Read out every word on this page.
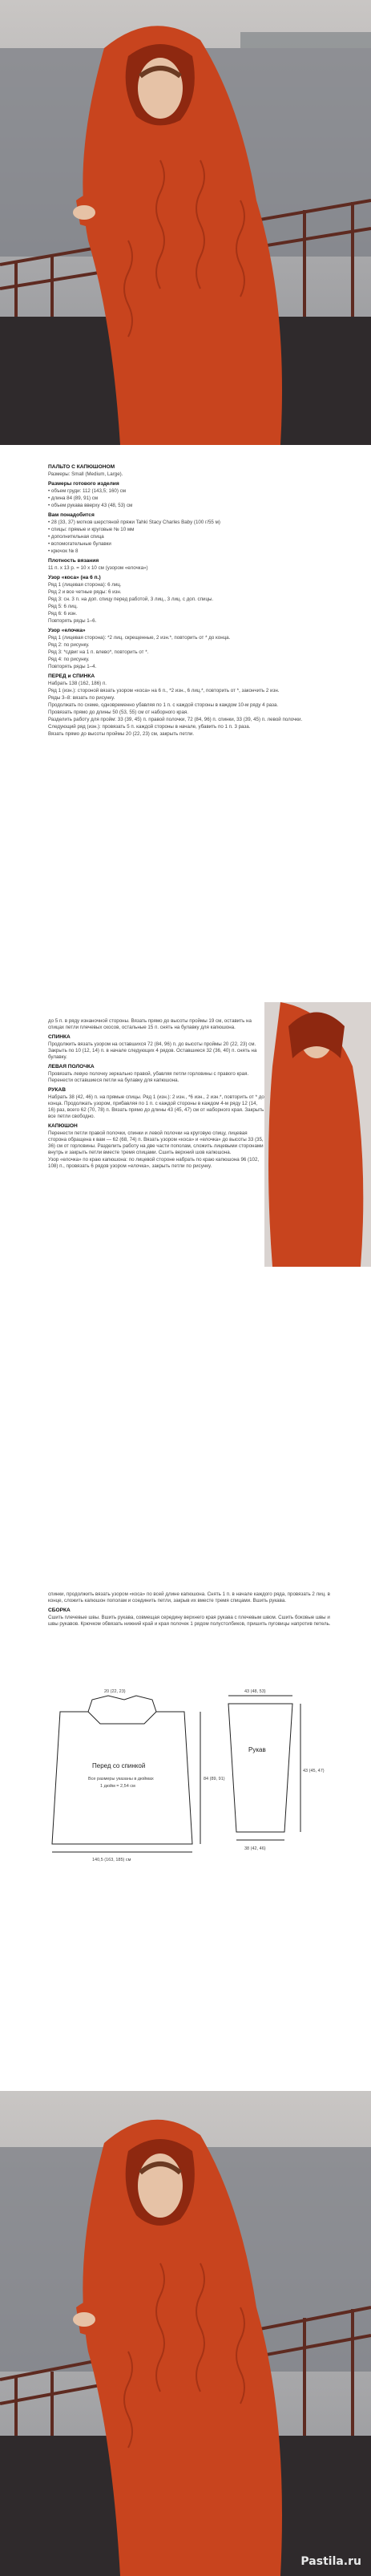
ПАЛЬТО С КАПЮШОНОМ

Размеры: Small (Medium, Large).

Размеры готового изделия

• объем груди: 112 (143,5; 160) см

• длина 84 (89, 91) см

• объем рукава вверху 43 (48, 53) см

Вам понадобится

• 28 (33, 37) мотков шерстяной пряжи Tahki Stacy Charles Baby (100 г/55 м)

• спицы: прямые и круговые № 10 мм

• дополнительная спица

• вспомогательные булавки

• крючок № 8

Плотность вязания

11 п. x 13 р. = 10 x 10 см (узором «елочка»)

Узор «коса» (на 6 п.)

Ряд 1 (лицевая сторона): 6 лиц.

Ряд 2 и все четные ряды: 6 изн.

Ряд 3: сн. 3 п. на доп. спицу перед работой, 3 лиц., 3 лиц. с доп. спицы.

Ряд 5: 6 лиц.

Ряд 6: 6 изн.

Повторять ряды 1–6.

Узор «елочка»

Ряд 1 (лицевая сторона): *2 лиц. скрещенные, 2 изн.*, повторить от * до конца.

Ряд 2: по рисунку.

Ряд 3: *сдвиг на 1 п. влево*, повторить от *.

Ряд 4: по рисунку.

Повторять ряды 1–4.

ПЕРЕД и СПИНКА

Набрать 138 (162, 186) п.

Ряд 1 (изн.): стороной вязать узором «коса» на 6 п., *2 изн., 6 лиц.*, повторить от *, закончить 2 изн.

Ряды 3–8: вязать по рисунку.

Продолжать по схеме, одновременно убавляя по 1 п. с каждой стороны в каждом 10-м ряду 4 раза.

Провязать прямо до длины 50 (53, 55) см от наборного края.

Разделить работу для пройм: 33 (39, 45) п. правой полочки, 72 (84, 96) п. спинки, 33 (39, 45) п. левой полочки.

Следующий ряд (изн.): провязать 5 п. каждой стороны в начале, убавить по 1 п. 3 раза.

Вязать прямо до высоты проймы 20 (22, 23) см, закрыть петли.

до 5 п. в ряду изнаночной стороны. Вязать прямо до высоты проймы 19 см, оставить на спицах петли плечевых скосов, остальные 15 п. снять на булавку для капюшона.

СПИНКА

Продолжить вязать узором на оставшихся 72 (84, 96) п. до высоты проймы 20 (22, 23) см. Закрыть по 10 (12, 14) п. в начале следующих 4 рядов. Оставшиеся 32 (36, 40) п. снять на булавку.

ЛЕВАЯ ПОЛОЧКА

Провязать левую полочку зеркально правой, убавляя петли горловины с правого края. Перенести оставшиеся петли на булавку для капюшона.

РУКАВ

Набрать 38 (42, 46) п. на прямые спицы. Ряд 1 (изн.): 2 изн., *6 изн., 2 изн.*, повторить от * до конца. Продолжать узором, прибавляя по 1 п. с каждой стороны в каждом 4-м ряду 12 (14, 16) раз, всего 62 (70, 78) п. Вязать прямо до длины 43 (45, 47) см от наборного края. Закрыть все петли свободно.

КАПЮШОН

Перенести петли правой полочки, спинки и левой полочки на круговую спицу, лицевая сторона обращена к вам — 62 (68, 74) п. Вязать узором «коса» и «елочка» до высоты 33 (35, 36) см от горловины. Разделить работу на две части пополам, сложить лицевыми сторонами внутрь и закрыть петли вместе тремя спицами. Сшить верхний шов капюшона.

Узор «елочка» по краю капюшона: по лицевой стороне набрать по краю капюшона 96 (102, 108) п., провязать 6 рядов узором «елочка», закрыть петли по рисунку.

спинки, продолжить вязать узором «коса» по всей длине капюшона. Снять 1 п. в начале каждого ряда, провязать 2 лиц. в конце, сложить капюшон пополам и соединить петли, закрыв их вместе тремя спицами. Вшить рукава.

СБОРКА

Сшить плечевые швы. Вшить рукава, совмещая середину верхнего края рукава с плечевым швом. Сшить боковые швы и швы рукавов. Крючком обвязать нижний край и края полочек 1 рядом полустолбиков, пришить пуговицы напротив петель.

Перед со спинкой
Все размеры указаны в дюймах
1 дюйм = 2,54 см
Рукав
20 (22, 23)
84 (89, 91)
140,5 (163, 185) см
43 (48, 53)
43 (45, 47)
38 (42, 46)
Pastila.ru
